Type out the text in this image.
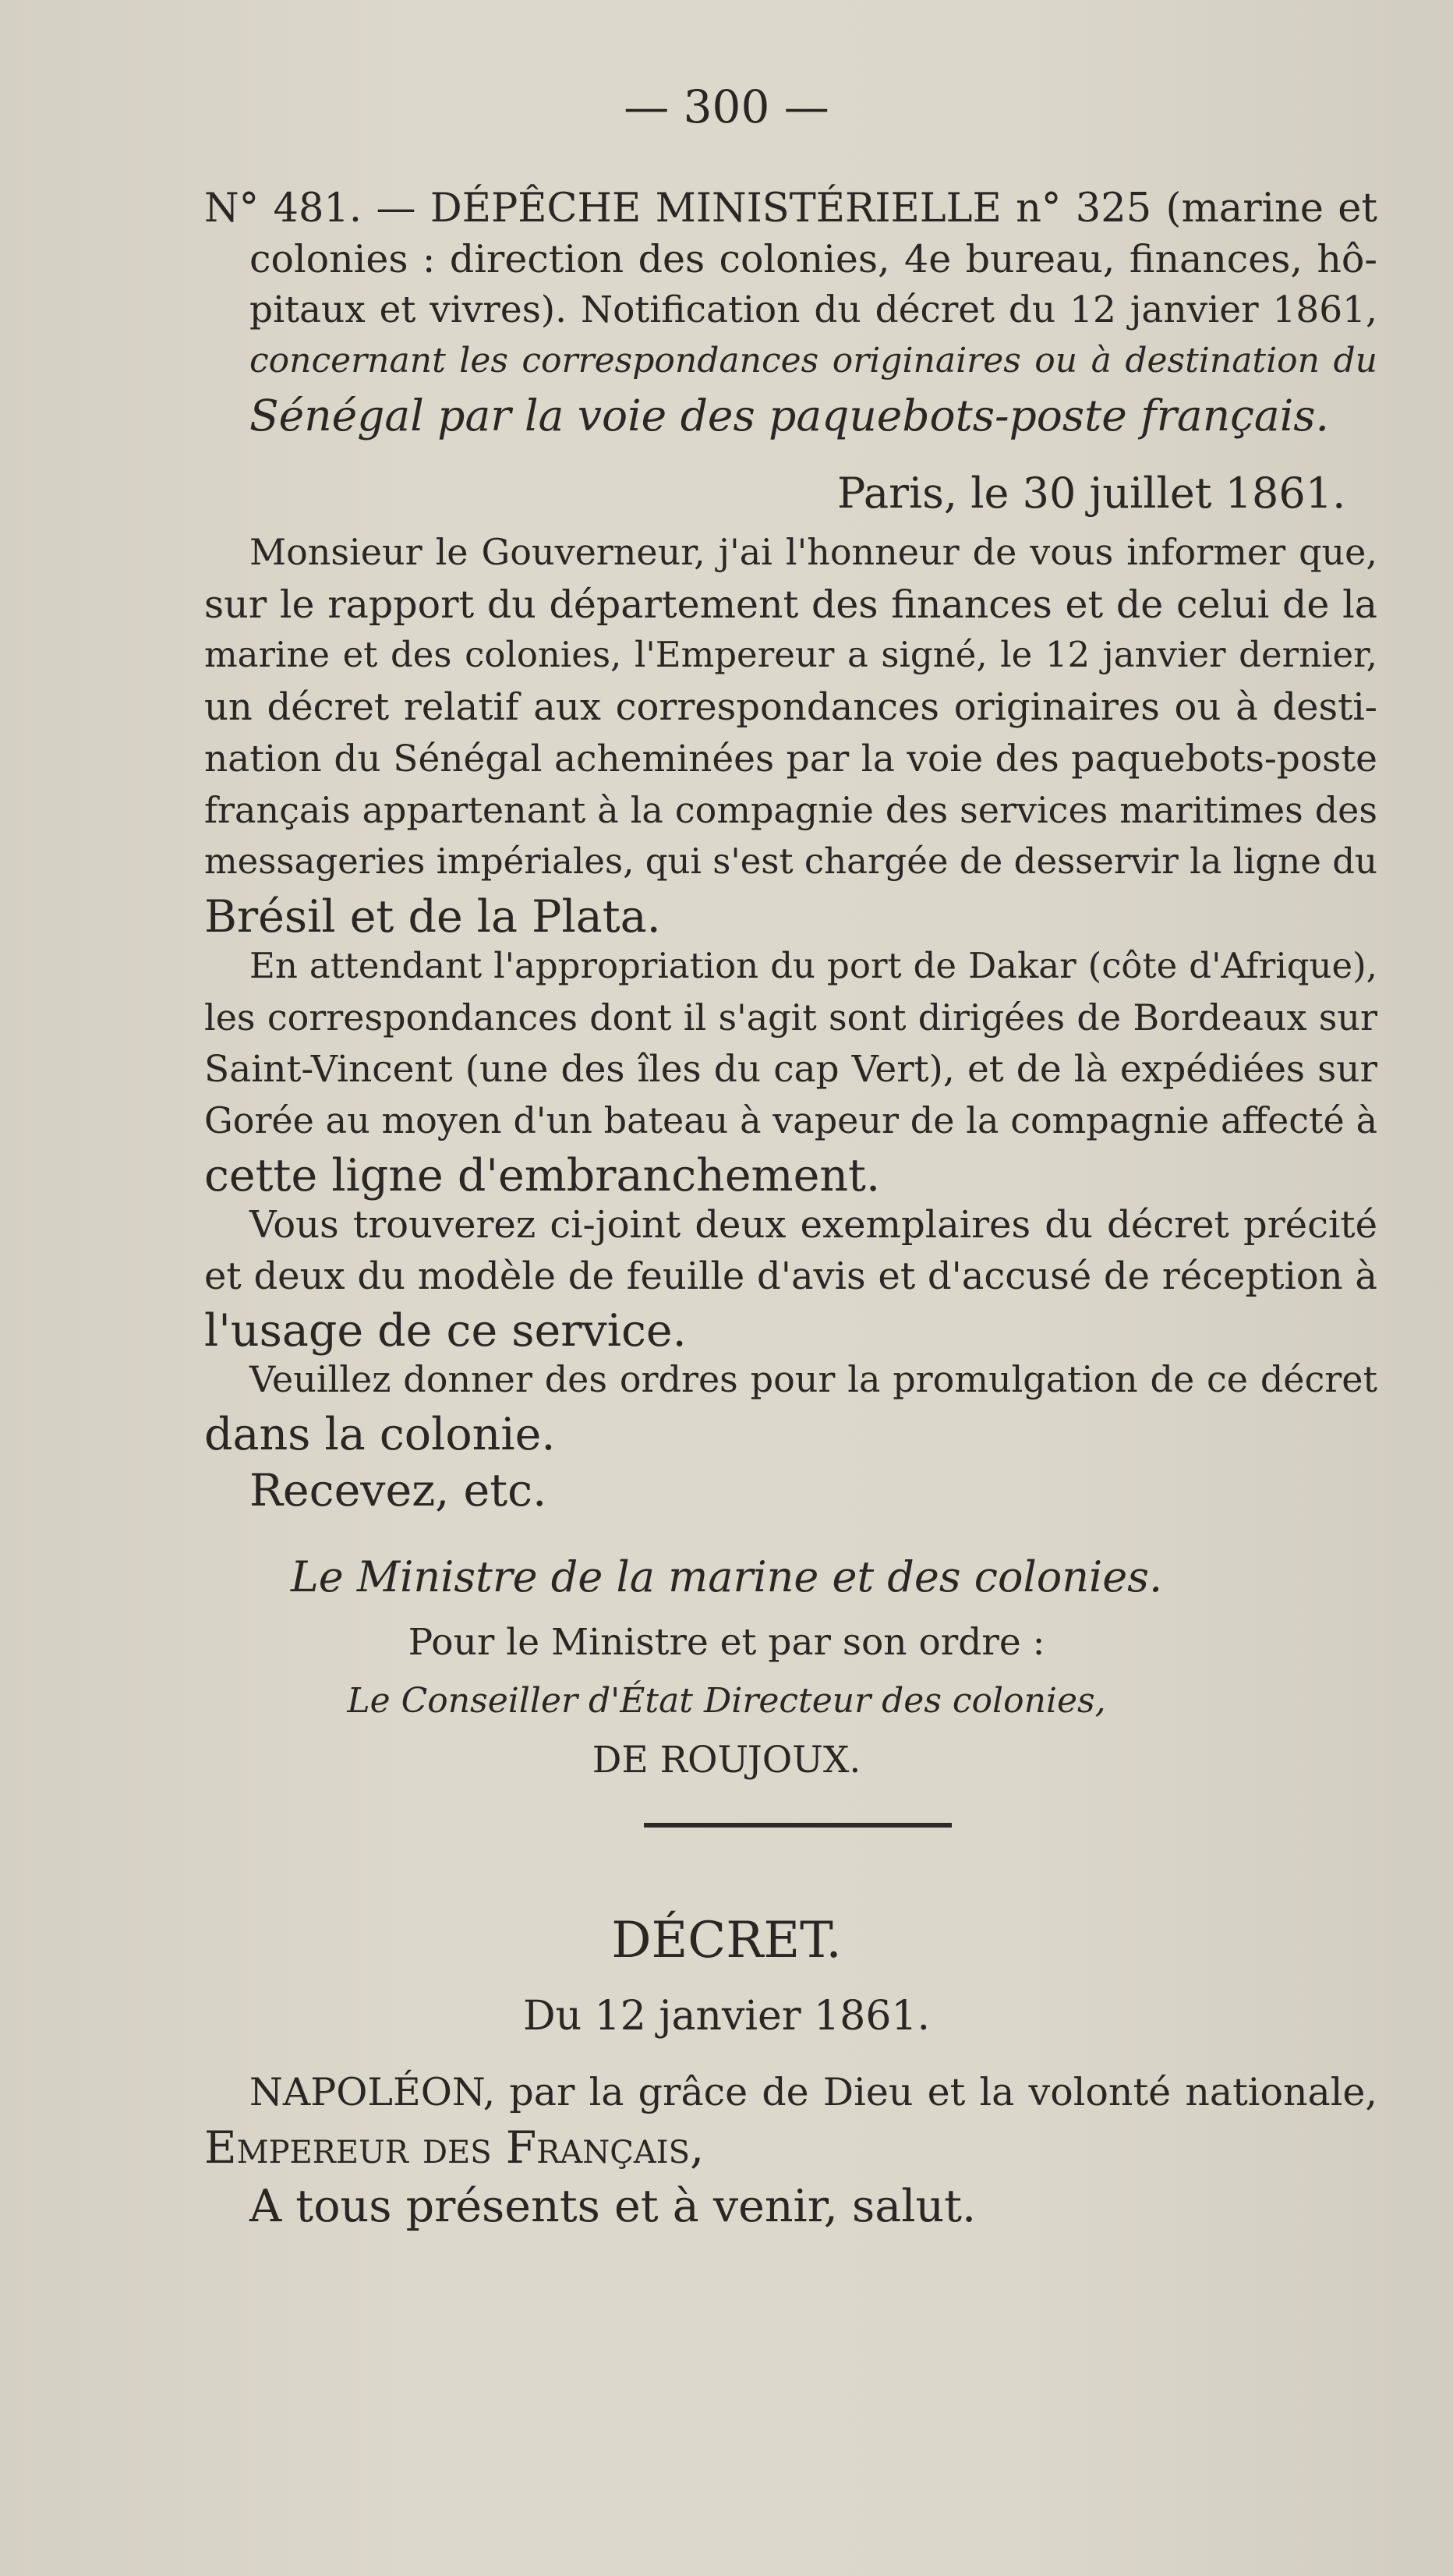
— 300 —

N° 481. — DÉPÊCHE MINISTÉRIELLE n° 325 (marine et

colonies : direction des colonies, 4e bureau, finances, hô-

pitaux et vivres). Notification du décret du 12 janvier 1861,

concernant les correspondances originaires ou à destination du

Sénégal par la voie des paquebots-poste français.

Paris, le 30 juillet 1861.

Monsieur le Gouverneur, j'ai l'honneur de vous informer que,

sur le rapport du département des finances et de celui de la

marine et des colonies, l'Empereur a signé, le 12 janvier dernier,

un décret relatif aux correspondances originaires ou à desti-

nation du Sénégal acheminées par la voie des paquebots-poste

français appartenant à la compagnie des services maritimes des

messageries impériales, qui s'est chargée de desservir la ligne du

Brésil et de la Plata.

En attendant l'appropriation du port de Dakar (côte d'Afrique),

les correspondances dont il s'agit sont dirigées de Bordeaux sur

Saint-Vincent (une des îles du cap Vert), et de là expédiées sur

Gorée au moyen d'un bateau à vapeur de la compagnie affecté à

cette ligne d'embranchement.

Vous trouverez ci-joint deux exemplaires du décret précité

et deux du modèle de feuille d'avis et d'accusé de réception à

l'usage de ce service.

Veuillez donner des ordres pour la promulgation de ce décret

dans la colonie.

Recevez, etc.

Le Ministre de la marine et des colonies.

Pour le Ministre et par son ordre :

Le Conseiller d'État Directeur des colonies,

DE ROUJOUX.

DÉCRET.

Du 12 janvier 1861.

NAPOLÉON, par la grâce de Dieu et la volonté nationale,

Empereur des Français,

A tous présents et à venir, salut.
